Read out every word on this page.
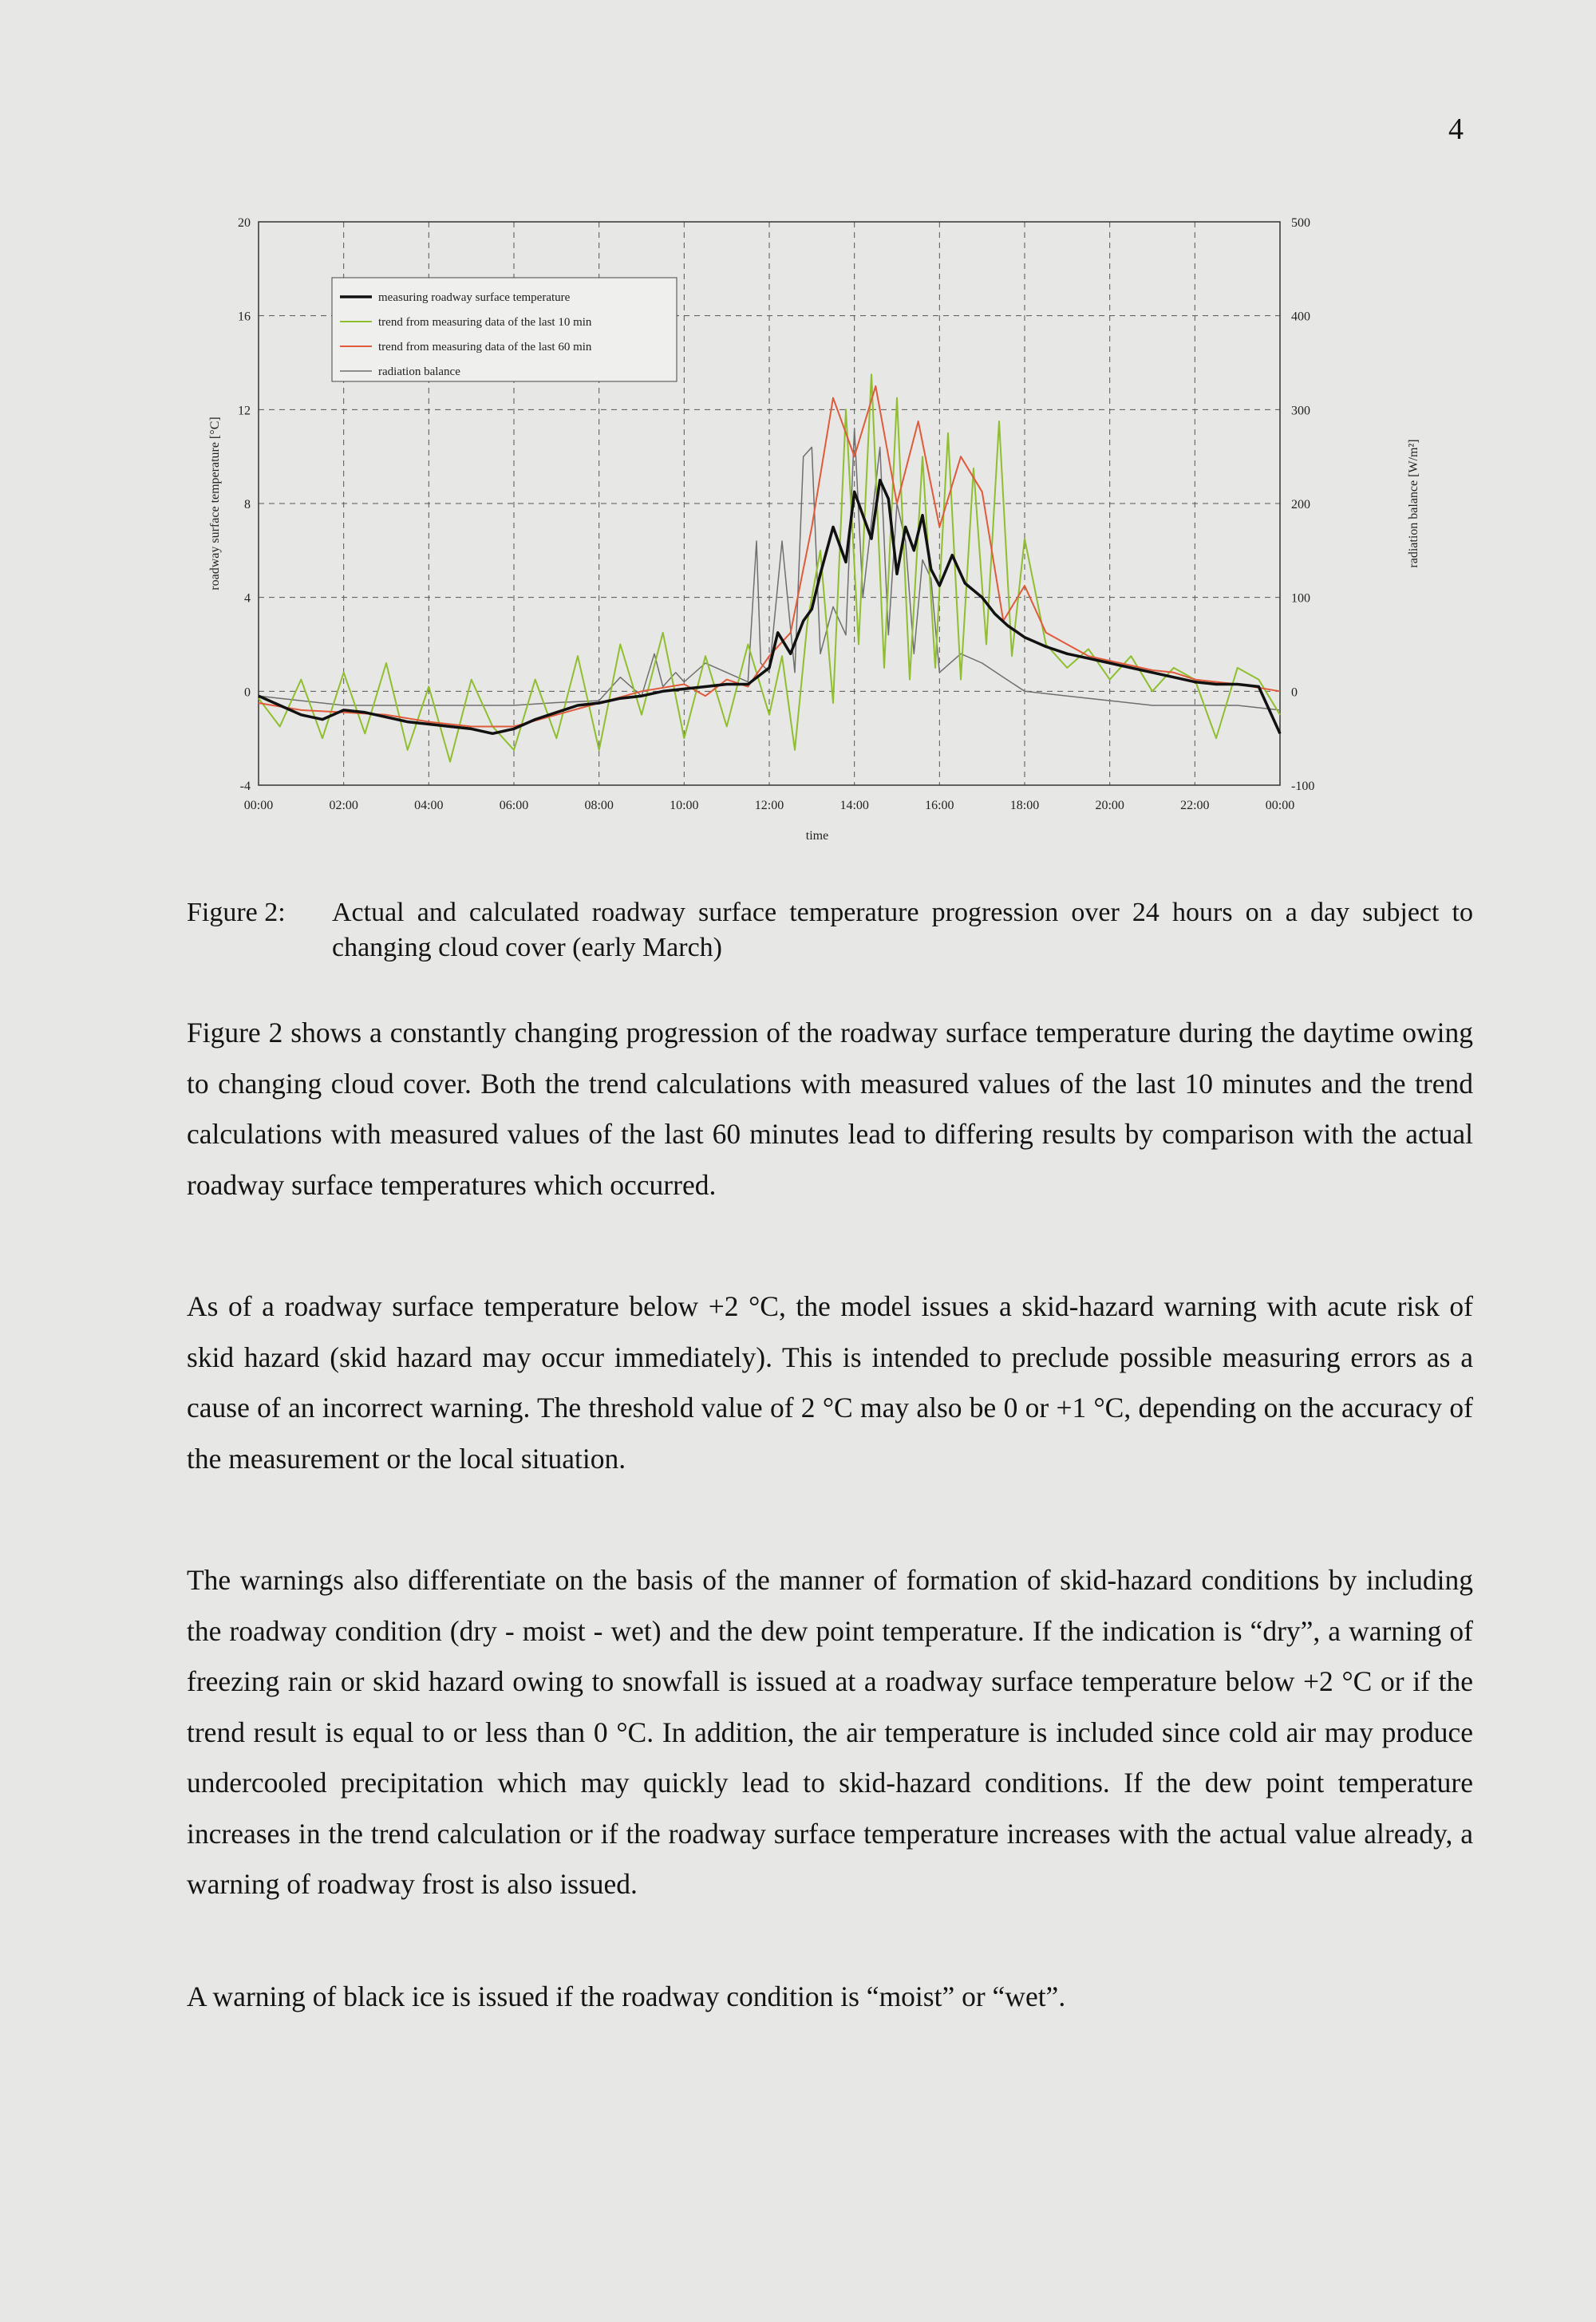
4
00:00	02:00	04:00	06:00	08:00	10:00	12:00	14:00	16:00	18:00	20:00	22:00	00:00
-4
0
4
8
12
16
20
-100
0
100
200
300
400
500
time
roadway surface temperature [°C]	radiation balance [W/m²]
measuring roadway surface temperature
trend from measuring data of the last 10 min
trend from measuring data of the last 60 min
radiation balance
Figure 2: Actual and calculated roadway surface temperature progression over 24 hours on a day subject to changing cloud cover (early March)

Figure 2 shows a constantly changing progression of the roadway surface temperature during the daytime owing to changing cloud cover. Both the trend calculations with measured values of the last 10 minutes and the trend calculations with measured values of the last 60 minutes lead to differing results by comparison with the actual roadway surface temperatures which occurred.

As of a roadway surface temperature below +2 °C, the model issues a skid-hazard warning with acute risk of skid hazard (skid hazard may occur immediately). This is intended to preclude possible measuring errors as a cause of an incorrect warning. The threshold value of 2 °C may also be 0 or +1 °C, depending on the accuracy of the measurement or the local situation.

The warnings also differentiate on the basis of the manner of formation of skid-hazard conditions by including the roadway condition (dry - moist - wet) and the dew point temperature. If the indication is “dry”, a warning of freezing rain or skid hazard owing to snowfall is issued at a roadway surface temperature below +2 °C or if the trend result is equal to or less than 0 °C. In addition, the air temperature is included since cold air may produce undercooled precipitation which may quickly lead to skid-hazard conditions. If the dew point temperature increases in the trend calculation or if the roadway surface temperature increases with the actual value already, a warning of roadway frost is also issued.

A warning of black ice is issued if the roadway condition is “moist” or “wet”.
